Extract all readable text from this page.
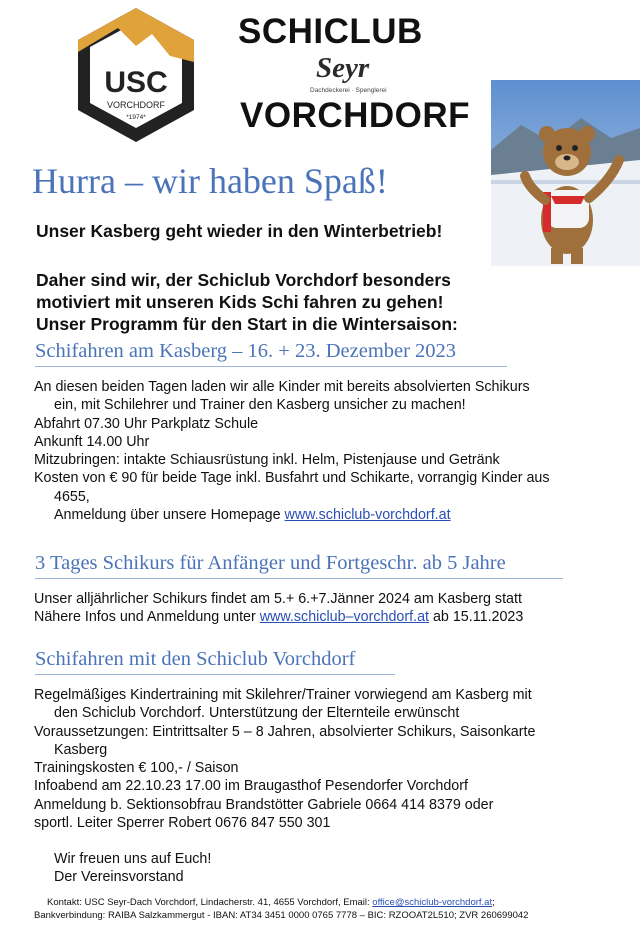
USC
VORCHDORF
*1974*
SCHICLUB
Seyr
Dachdeckerei · Spenglerei
VORCHDORF
Hurra – wir haben Spaß!
Unser Kasberg geht wieder in den Winterbetrieb!
Daher sind wir, der Schiclub Vorchdorf besonders
motiviert mit unseren Kids Schi fahren zu gehen!
Unser Programm für den Start in die Wintersaison:
Schifahren am Kasberg – 16. + 23. Dezember 2023
An diesen beiden Tagen laden wir alle Kinder mit bereits absolvierten Schikurs
ein, mit Schilehrer und Trainer den Kasberg unsicher zu machen!
Abfahrt 07.30 Uhr Parkplatz Schule
Ankunft 14.00 Uhr
Mitzubringen: intakte Schiausrüstung inkl. Helm, Pistenjause und Getränk
Kosten von € 90 für beide Tage inkl. Busfahrt und Schikarte, vorrangig Kinder aus
4655,
Anmeldung über unsere Homepage www.schiclub-vorchdorf.at
3 Tages Schikurs für Anfänger und Fortgeschr. ab 5 Jahre
Unser alljährlicher Schikurs findet am 5.+ 6.+7.Jänner 2024 am Kasberg statt
Nähere Infos und Anmeldung unter www.schiclub–vorchdorf.at ab 15.11.2023
Schifahren mit den Schiclub Vorchdorf
Regelmäßiges Kindertraining mit Skilehrer/Trainer vorwiegend am Kasberg mit
den Schiclub Vorchdorf. Unterstützung der Elternteile erwünscht
Voraussetzungen: Eintrittsalter 5 – 8 Jahren, absolvierter Schikurs, Saisonkarte
Kasberg
Trainingskosten € 100,- / Saison
Infoabend am 22.10.23 17.00 im Braugasthof Pesendorfer Vorchdorf
Anmeldung b. Sektionsobfrau Brandstötter Gabriele 0664 414 8379 oder
sportl. Leiter Sperrer Robert 0676 847 550 301
Wir freuen uns auf Euch!
Der Vereinsvorstand
Kontakt: USC Seyr-Dach Vorchdorf, Lindacherstr. 41, 4655 Vorchdorf, Email: office@schiclub-vorchdorf.at;
Bankverbindung: RAIBA Salzkammergut - IBAN: AT34 3451 0000 0765 7778 – BIC: RZOOAT2L510; ZVR 260699042
